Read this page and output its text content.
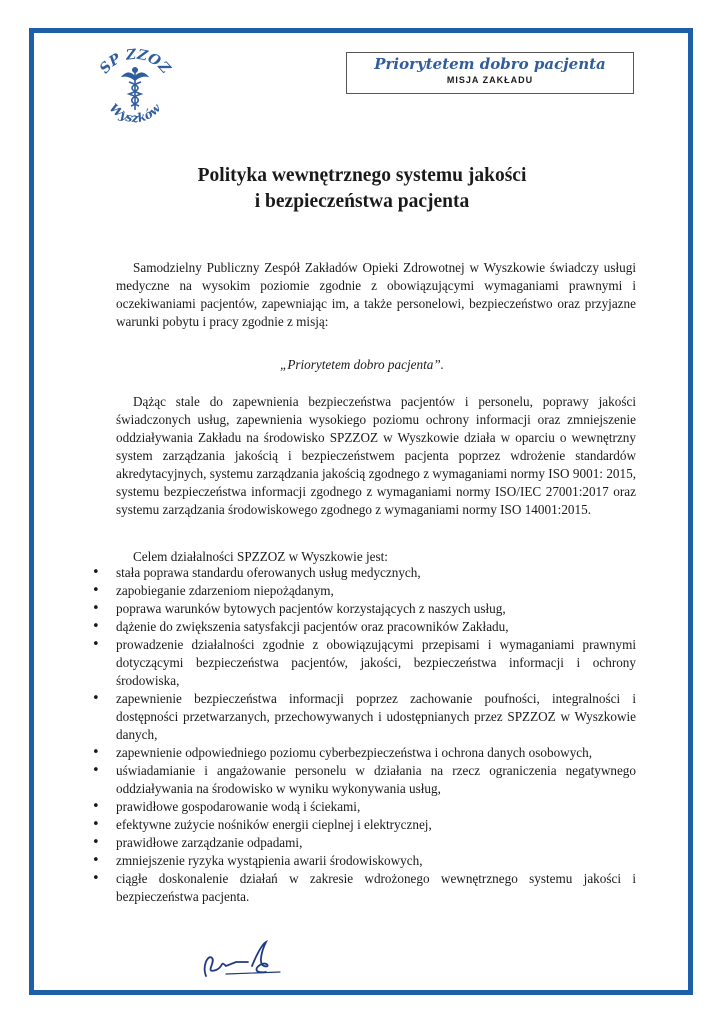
SP ZZOZ
Wyszków
Priorytetem dobro pacjenta
MISJA ZAKŁADU
Polityka wewnętrznego systemu jakości
i bezpieczeństwa pacjenta

Samodzielny Publiczny Zespół Zakładów Opieki Zdrowotnej w Wyszkowie świadczy usługi medyczne na wysokim poziomie zgodnie z obowiązującymi wymaganiami prawnymi i oczekiwaniami pacjentów, zapewniając im, a także personelowi, bezpieczeństwo oraz przyjazne warunki pobytu i pracy zgodnie z misją:

„Priorytetem dobro pacjenta”.

Dążąc stale do zapewnienia bezpieczeństwa pacjentów i personelu, poprawy jakości świadczonych usług, zapewnienia wysokiego poziomu ochrony informacji oraz zmniejszenie oddziaływania Zakładu na środowisko SPZZOZ w Wyszkowie działa w oparciu o wewnętrzny system zarządzania jakością i bezpieczeństwem pacjenta poprzez wdrożenie standardów akredytacyjnych, systemu zarządzania jakością zgodnego z wymaganiami normy ISO 9001: 2015, systemu bezpieczeństwa informacji zgodnego z wymaganiami normy ISO/IEC 27001:2017 oraz systemu zarządzania środowiskowego zgodnego z wymaganiami normy ISO 14001:2015.

Celem działalności SPZZOZ w Wyszkowie jest:

• stała poprawa standardu oferowanych usług medycznych,
• zapobieganie zdarzeniom niepożądanym,
• poprawa warunków bytowych pacjentów korzystających z naszych usług,
• dążenie do zwiększenia satysfakcji pacjentów oraz pracowników Zakładu,
• prowadzenie działalności zgodnie z obowiązującymi przepisami i wymaganiami prawnymi dotyczącymi bezpieczeństwa pacjentów, jakości, bezpieczeństwa informacji i ochrony środowiska,
• zapewnienie bezpieczeństwa informacji poprzez zachowanie poufności, integralności i dostępności przetwarzanych, przechowywanych i udostępnianych przez SPZZOZ w Wyszkowie danych,
• zapewnienie odpowiedniego poziomu cyberbezpieczeństwa i ochrona danych osobowych,
• uświadamianie i angażowanie personelu w działania na rzecz ograniczenia negatywnego oddziaływania na środowisko w wyniku wykonywania usług,
• prawidłowe gospodarowanie wodą i ściekami,
• efektywne zużycie nośników energii cieplnej i elektrycznej,
• prawidłowe zarządzanie odpadami,
• zmniejszenie ryzyka wystąpienia awarii środowiskowych,
• ciągłe doskonalenie działań w zakresie wdrożonego wewnętrznego systemu jakości i bezpieczeństwa pacjenta.
